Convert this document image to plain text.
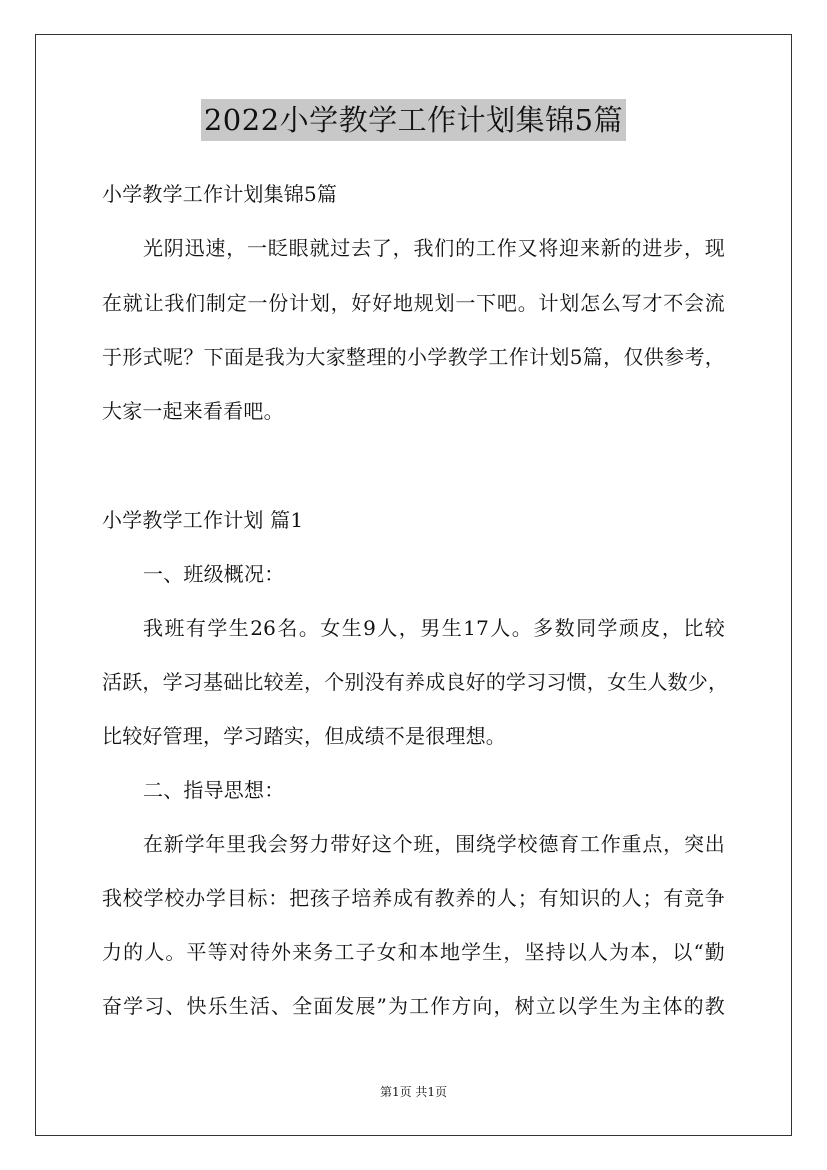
2022小学教学工作计划集锦5篇
小学教学工作计划集锦5篇
光阴迅速，一眨眼就过去了，我们的工作又将迎来新的进步，现
在就让我们制定一份计划，好好地规划一下吧。计划怎么写才不会流
于形式呢？下面是我为大家整理的小学教学工作计划5篇，仅供参考，
大家一起来看看吧。
小学教学工作计划 篇1
一、班级概况：
我班有学生26名。女生9人，男生17人。多数同学顽皮，比较
活跃，学习基础比较差，个别没有养成良好的学习习惯，女生人数少，
比较好管理，学习踏实，但成绩不是很理想。
二、指导思想：
在新学年里我会努力带好这个班，围绕学校德育工作重点，突出
我校学校办学目标：把孩子培养成有教养的人；有知识的人；有竞争
力的人。平等对待外来务工子女和本地学生，坚持以人为本，以“勤
奋学习、快乐生活、全面发展”为工作方向，树立以学生为主体的教
第1页 共1页
